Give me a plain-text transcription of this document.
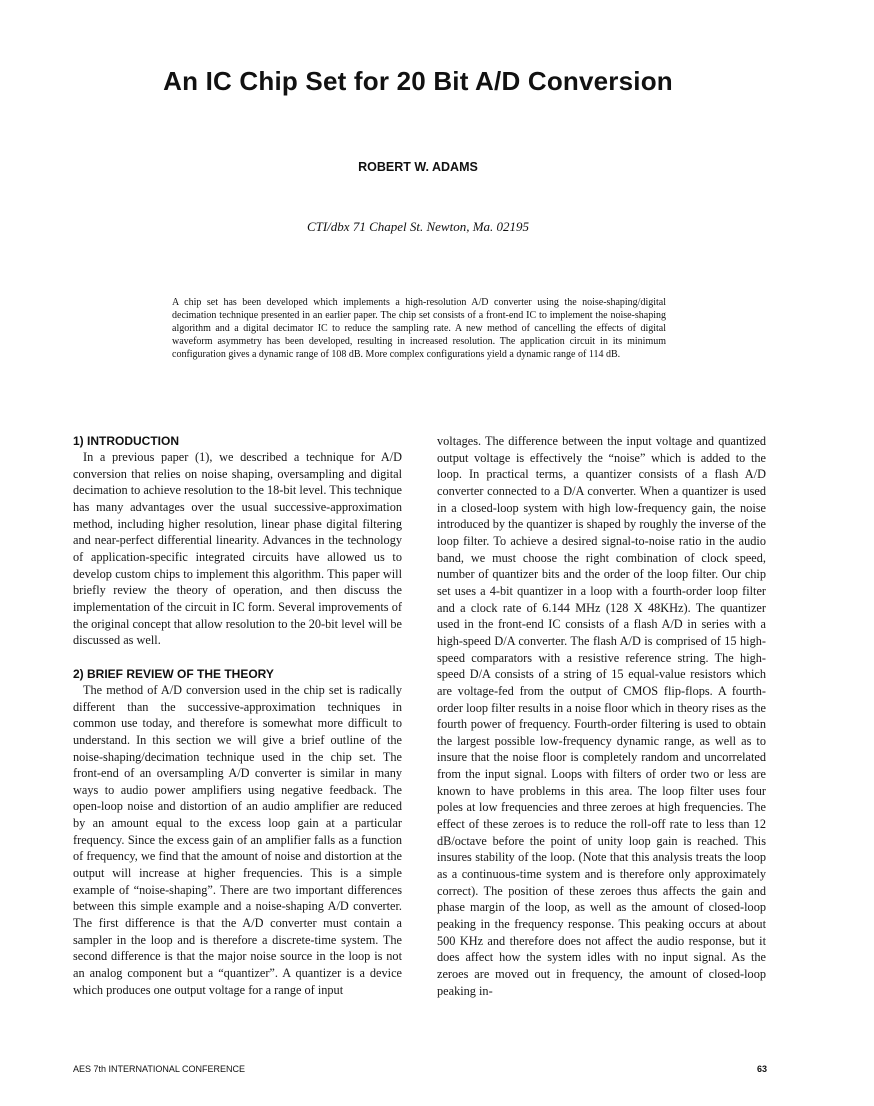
An IC Chip Set for 20 Bit A/D Conversion
ROBERT W. ADAMS
CTI/dbx 71 Chapel St. Newton, Ma. 02195
A chip set has been developed which implements a high-resolution A/D converter using the noise-shaping/digital decimation technique presented in an earlier paper. The chip set consists of a front-end IC to implement the noise-shaping algorithm and a digital decimator IC to reduce the sampling rate. A new method of cancelling the effects of digital waveform asymmetry has been developed, resulting in increased resolution. The application circuit in its minimum configuration gives a dynamic range of 108 dB. More complex configurations yield a dynamic range of 114 dB.
1) INTRODUCTION

In a previous paper (1), we described a technique for A/D conversion that relies on noise shaping, oversampling and digital decimation to achieve resolution to the 18-bit level. This technique has many advantages over the usual successive-approximation method, including higher resolution, linear phase digital filtering and near-perfect differential linearity. Advances in the technology of application-specific integrated circuits have allowed us to develop custom chips to implement this algorithm. This paper will briefly review the theory of operation, and then discuss the implementation of the circuit in IC form. Several improvements of the original concept that allow resolution to the 20-bit level will be discussed as well.

2) BRIEF REVIEW OF THE THEORY

The method of A/D conversion used in the chip set is radically different than the successive-approximation techniques in common use today, and therefore is somewhat more difficult to understand. In this section we will give a brief outline of the noise-shaping/decimation technique used in the chip set. The front-end of an oversampling A/D converter is similar in many ways to audio power amplifiers using negative feedback. The open-loop noise and distortion of an audio amplifier are reduced by an amount equal to the excess loop gain at a particular frequency. Since the excess gain of an amplifier falls as a function of frequency, we find that the amount of noise and distortion at the output will increase at higher frequencies. This is a simple example of “noise-shaping”. There are two important differences between this simple example and a noise-shaping A/D converter. The first difference is that the A/D converter must contain a sampler in the loop and is therefore a discrete-time system. The second difference is that the major noise source in the loop is not an analog component but a “quantizer”. A quantizer is a device which produces one output voltage for a range of input

voltages. The difference between the input voltage and quantized output voltage is effectively the “noise” which is added to the loop. In practical terms, a quantizer consists of a flash A/D converter connected to a D/A converter. When a quantizer is used in a closed-loop system with high low-frequency gain, the noise introduced by the quantizer is shaped by roughly the inverse of the loop filter. To achieve a desired signal-to-noise ratio in the audio band, we must choose the right combination of clock speed, number of quantizer bits and the order of the loop filter. Our chip set uses a 4-bit quantizer in a loop with a fourth-order loop filter and a clock rate of 6.144 MHz (128 X 48KHz). The quantizer used in the front-end IC consists of a flash A/D in series with a high-speed D/A converter. The flash A/D is comprised of 15 high-speed comparators with a resistive reference string. The high-speed D/A consists of a string of 15 equal-value resistors which are voltage-fed from the output of CMOS flip-flops. A fourth-order loop filter results in a noise floor which in theory rises as the fourth power of frequency. Fourth-order filtering is used to obtain the largest possible low-frequency dynamic range, as well as to insure that the noise floor is completely random and uncorrelated from the input signal. Loops with filters of order two or less are known to have problems in this area. The loop filter uses four poles at low frequencies and three zeroes at high frequencies. The effect of these zeroes is to reduce the roll-off rate to less than 12 dB/octave before the point of unity loop gain is reached. This insures stability of the loop. (Note that this analysis treats the loop as a continuous-time system and is therefore only approximately correct). The position of these zeroes thus affects the gain and phase margin of the loop, as well as the amount of closed-loop peaking in the frequency response. This peaking occurs at about 500 KHz and therefore does not affect the audio response, but it does affect how the system idles with no input signal. As the zeroes are moved out in frequency, the amount of closed-loop peaking in-

AES 7th INTERNATIONAL CONFERENCE	63
